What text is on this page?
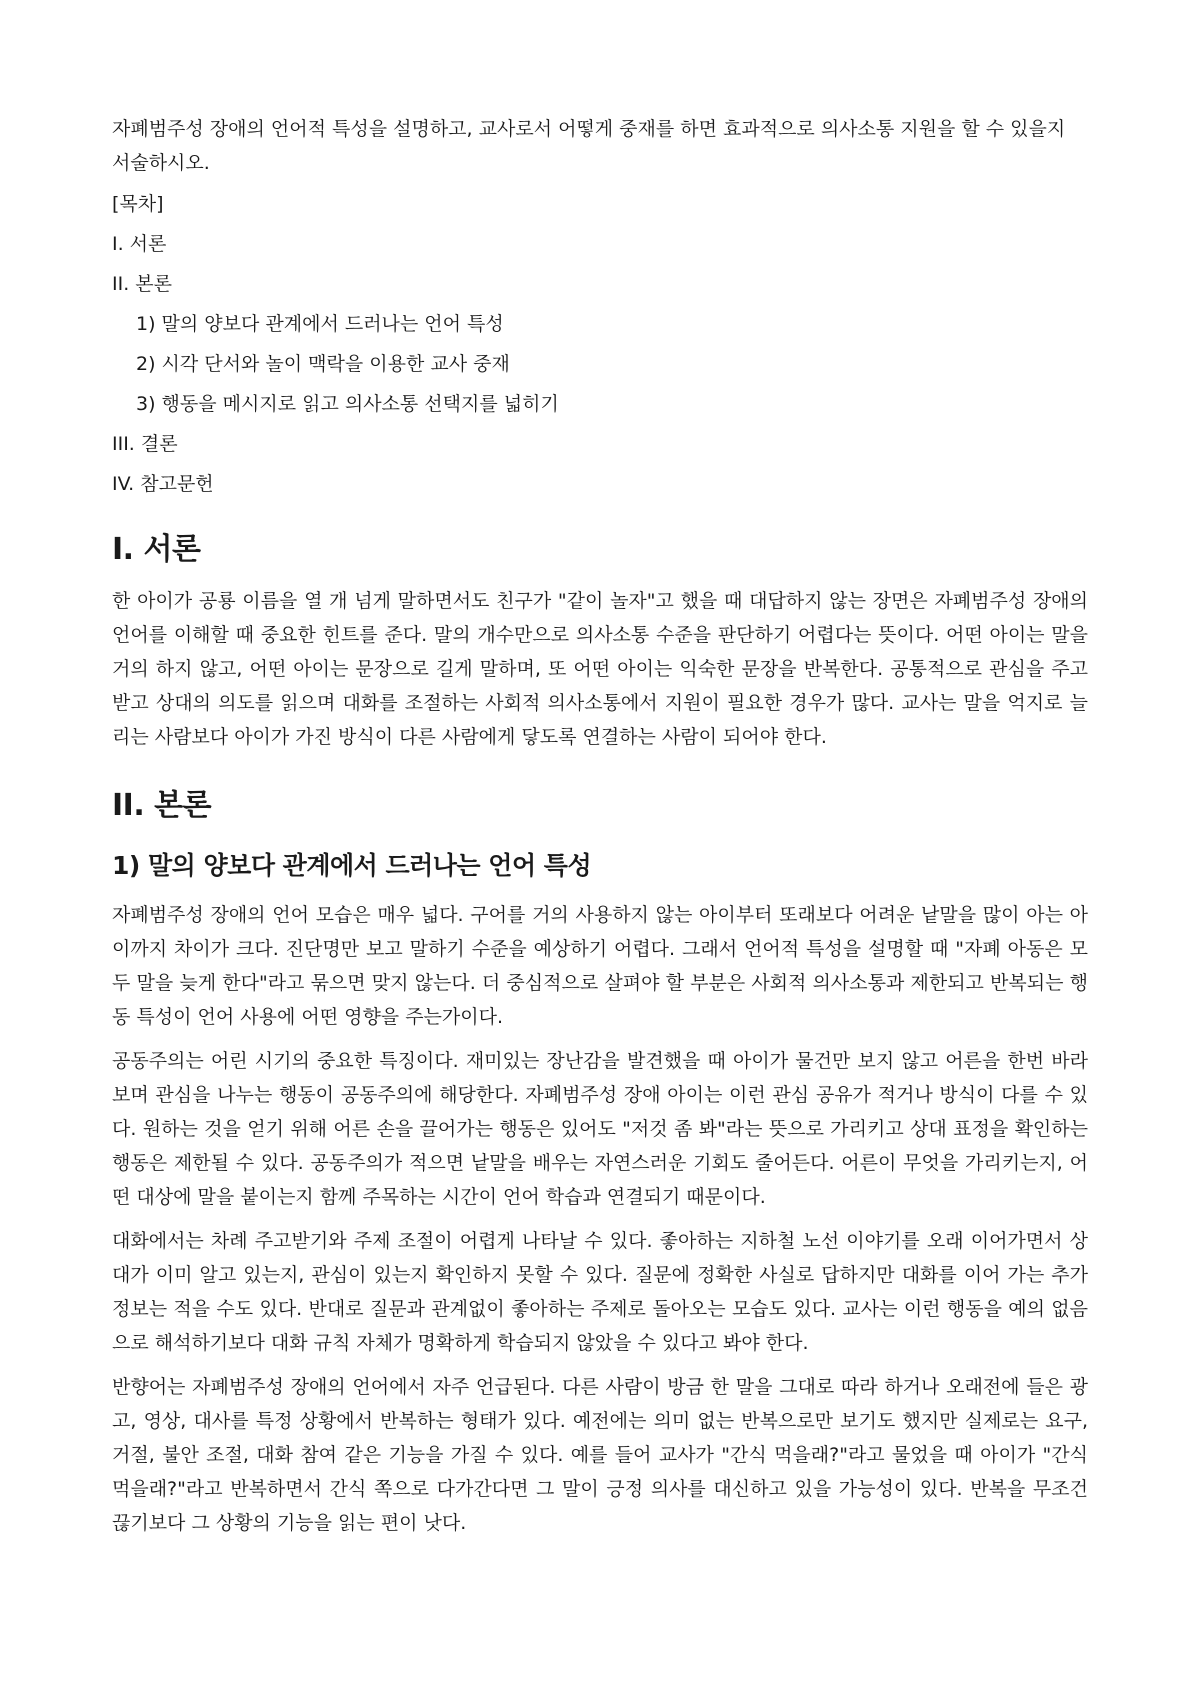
자폐범주성 장애의 언어적 특성을 설명하고, 교사로서 어떻게 중재를 하면 효과적으로 의사소통 지원을 할 수 있을지 서술하시오.

[목차]
I. 서론
II. 본론
1) 말의 양보다 관계에서 드러나는 언어 특성
2) 시각 단서와 놀이 맥락을 이용한 교사 중재
3) 행동을 메시지로 읽고 의사소통 선택지를 넓히기
III. 결론
IV. 참고문헌
I. 서론

한 아이가 공룡 이름을 열 개 넘게 말하면서도 친구가 "같이 놀자"고 했을 때 대답하지 않는 장면은 자폐범주성 장애의 언어를 이해할 때 중요한 힌트를 준다. 말의 개수만으로 의사소통 수준을 판단하기 어렵다는 뜻이다. 어떤 아이는 말을 거의 하지 않고, 어떤 아이는 문장으로 길게 말하며, 또 어떤 아이는 익숙한 문장을 반복한다. 공통적으로 관심을 주고받고 상대의 의도를 읽으며 대화를 조절하는 사회적 의사소통에서 지원이 필요한 경우가 많다. 교사는 말을 억지로 늘리는 사람보다 아이가 가진 방식이 다른 사람에게 닿도록 연결하는 사람이 되어야 한다.

II. 본론
1) 말의 양보다 관계에서 드러나는 언어 특성

자폐범주성 장애의 언어 모습은 매우 넓다. 구어를 거의 사용하지 않는 아이부터 또래보다 어려운 낱말을 많이 아는 아이까지 차이가 크다. 진단명만 보고 말하기 수준을 예상하기 어렵다. 그래서 언어적 특성을 설명할 때 "자폐 아동은 모두 말을 늦게 한다"라고 묶으면 맞지 않는다. 더 중심적으로 살펴야 할 부분은 사회적 의사소통과 제한되고 반복되는 행동 특성이 언어 사용에 어떤 영향을 주는가이다.

공동주의는 어린 시기의 중요한 특징이다. 재미있는 장난감을 발견했을 때 아이가 물건만 보지 않고 어른을 한번 바라보며 관심을 나누는 행동이 공동주의에 해당한다. 자폐범주성 장애 아이는 이런 관심 공유가 적거나 방식이 다를 수 있다. 원하는 것을 얻기 위해 어른 손을 끌어가는 행동은 있어도 "저것 좀 봐"라는 뜻으로 가리키고 상대 표정을 확인하는 행동은 제한될 수 있다. 공동주의가 적으면 낱말을 배우는 자연스러운 기회도 줄어든다. 어른이 무엇을 가리키는지, 어떤 대상에 말을 붙이는지 함께 주목하는 시간이 언어 학습과 연결되기 때문이다.

대화에서는 차례 주고받기와 주제 조절이 어렵게 나타날 수 있다. 좋아하는 지하철 노선 이야기를 오래 이어가면서 상대가 이미 알고 있는지, 관심이 있는지 확인하지 못할 수 있다. 질문에 정확한 사실로 답하지만 대화를 이어 가는 추가 정보는 적을 수도 있다. 반대로 질문과 관계없이 좋아하는 주제로 돌아오는 모습도 있다. 교사는 이런 행동을 예의 없음으로 해석하기보다 대화 규칙 자체가 명확하게 학습되지 않았을 수 있다고 봐야 한다.

반향어는 자폐범주성 장애의 언어에서 자주 언급된다. 다른 사람이 방금 한 말을 그대로 따라 하거나 오래전에 들은 광고, 영상, 대사를 특정 상황에서 반복하는 형태가 있다. 예전에는 의미 없는 반복으로만 보기도 했지만 실제로는 요구, 거절, 불안 조절, 대화 참여 같은 기능을 가질 수 있다. 예를 들어 교사가 "간식 먹을래?"라고 물었을 때 아이가 "간식 먹을래?"라고 반복하면서 간식 쪽으로 다가간다면 그 말이 긍정 의사를 대신하고 있을 가능성이 있다. 반복을 무조건 끊기보다 그 상황의 기능을 읽는 편이 낫다.
